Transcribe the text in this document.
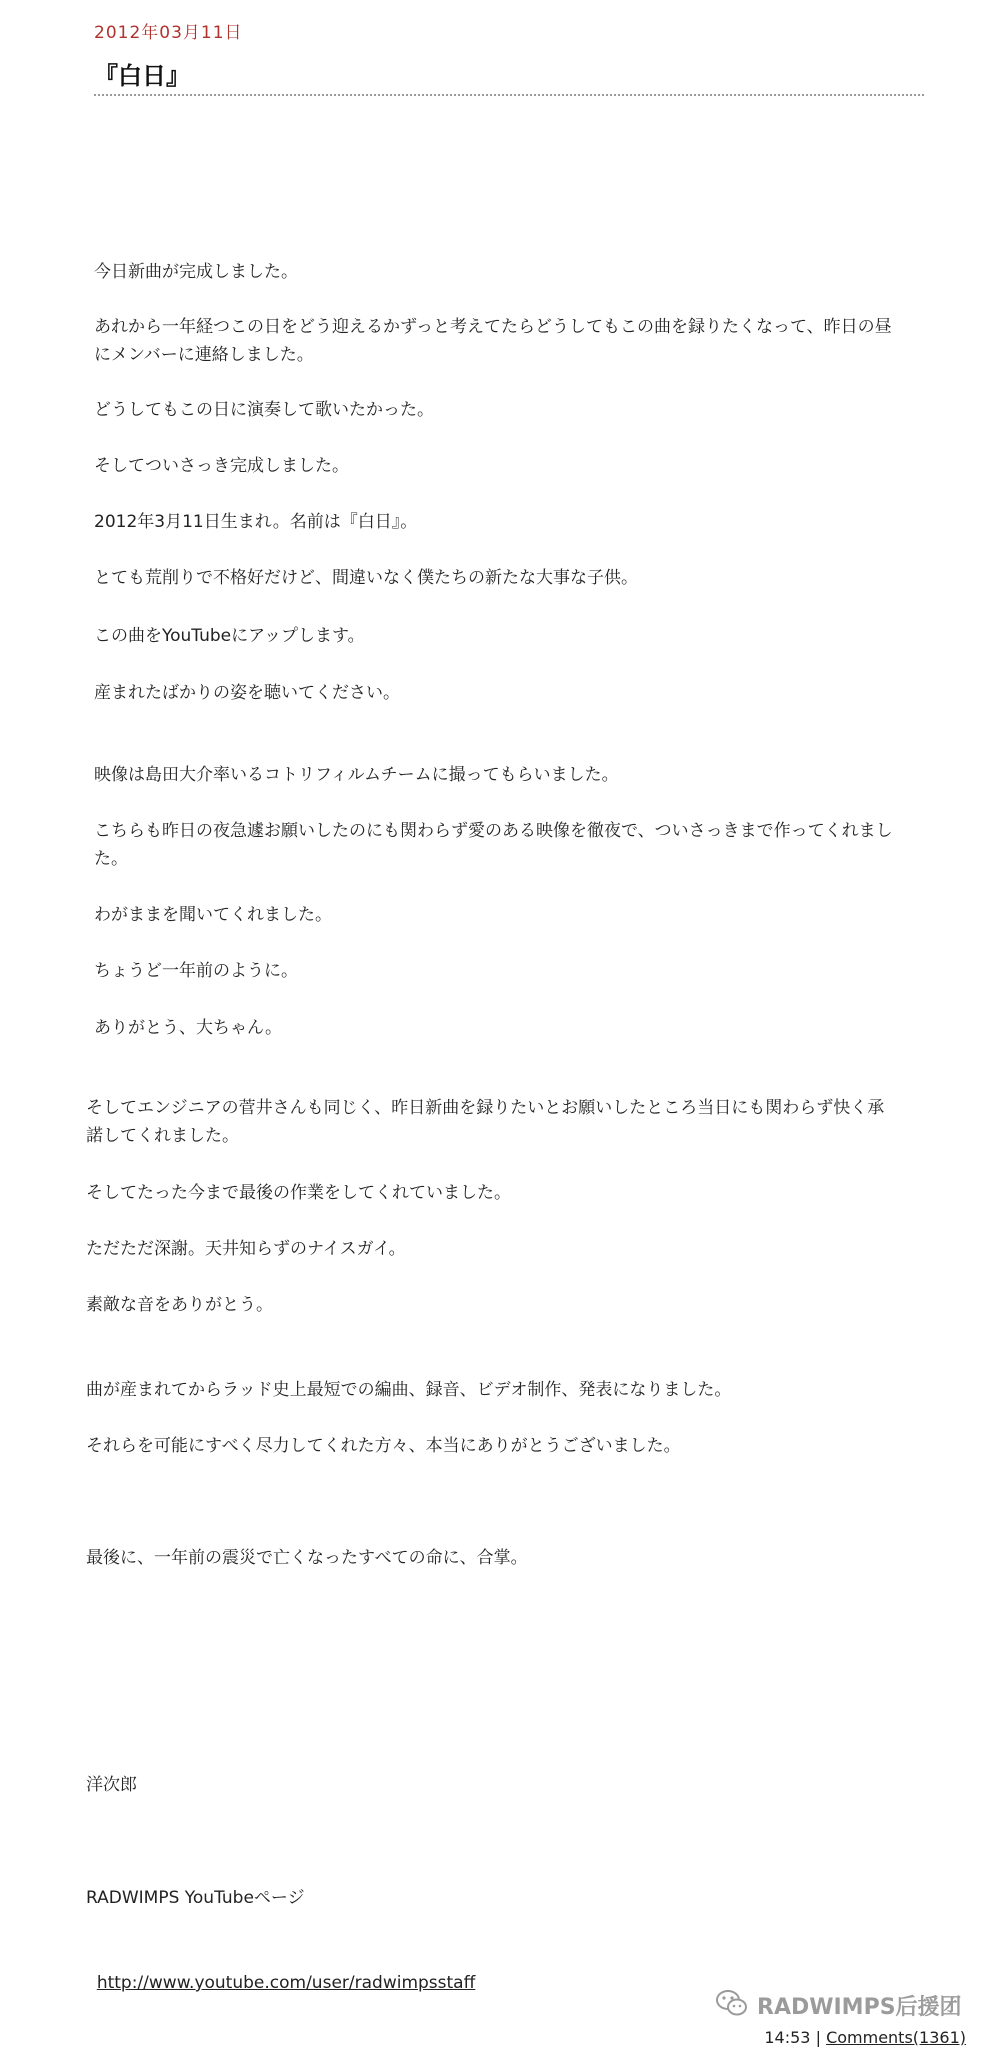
2012年03月11日
『白日』

今日新曲が完成しました。

あれから一年経つこの日をどう迎えるかずっと考えてたらどうしてもこの曲を録りたくなって、昨日の昼
にメンバーに連絡しました。

どうしてもこの日に演奏して歌いたかった。

そしてついさっき完成しました。

2012年3月11日生まれ。名前は『白日』。

とても荒削りで不格好だけど、間違いなく僕たちの新たな大事な子供。

この曲をYouTubeにアップします。

産まれたばかりの姿を聴いてください。

映像は島田大介率いるコトリフィルムチームに撮ってもらいました。

こちらも昨日の夜急遽お願いしたのにも関わらず愛のある映像を徹夜で、ついさっきまで作ってくれまし
た。

わがままを聞いてくれました。

ちょうど一年前のように。

ありがとう、大ちゃん。

そしてエンジニアの菅井さんも同じく、昨日新曲を録りたいとお願いしたところ当日にも関わらず快く承
諾してくれました。

そしてたった今まで最後の作業をしてくれていました。

ただただ深謝。天井知らずのナイスガイ。

素敵な音をありがとう。

曲が産まれてからラッド史上最短での編曲、録音、ビデオ制作、発表になりました。

それらを可能にすべく尽力してくれた方々、本当にありがとうございました。

最後に、一年前の震災で亡くなったすべての命に、合掌。

洋次郎

RADWIMPS YouTubeページ

http://www.youtube.com/user/radwimpsstaff

RADWIMPS后援团
14:53 | Comments(1361)
